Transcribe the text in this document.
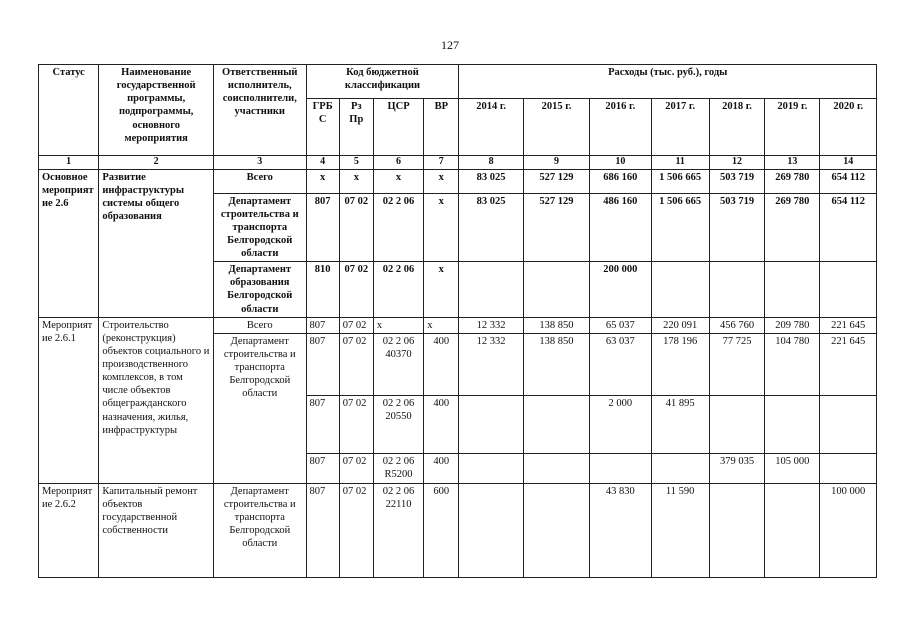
127
Статус	Наименование государственной программы, подпрограммы, основного мероприятия	Ответственный исполнитель, соисполнители, участники	Код бюджетной классификации				Расходы (тыс. руб.), годы						
			ГРБ С	Рз Пр	ЦСР	ВР	2014 г.	2015 г.	2016 г.	2017 г.	2018 г.	2019 г.	2020 г.
1	2	3	4	5	6	7	8	9	10	11	12	13	14
Основное мероприятие 2.6	Развитие инфраструктуры системы общего образования	Всего	х	х	х	х	83 025	527 129	686 160	1 506 665	503 719	269 780	654 112
		Департамент строительства и транспорта Белгородской области	807	07 02	02 2 06	х	83 025	527 129	486 160	1 506 665	503 719	269 780	654 112
		Департамент образования Белгородской области	810	07 02	02 2 06	х			200 000				
Мероприятие 2.6.1	Строительство (реконструкция) объектов социального и производственного комплексов, в том числе объектов общегражданского назначения, жилья, инфраструктуры	Всего	807	07 02	х	х	12 332	138 850	65 037	220 091	456 760	209 780	221 645
		Департамент строительства и транспорта Белгородской области	807	07 02	02 2 06 40370	400	12 332	138 850	63 037	178 196	77 725	104 780	221 645
			807	07 02	02 2 06 20550	400			2 000	41 895			
			807	07 02	02 2 06 R5200	400					379 035	105 000	
Мероприятие 2.6.2	Капитальный ремонт объектов государственной собственности	Департамент строительства и транспорта Белгородской области	807	07 02	02 2 06 22110	600			43 830	11 590			100 000
